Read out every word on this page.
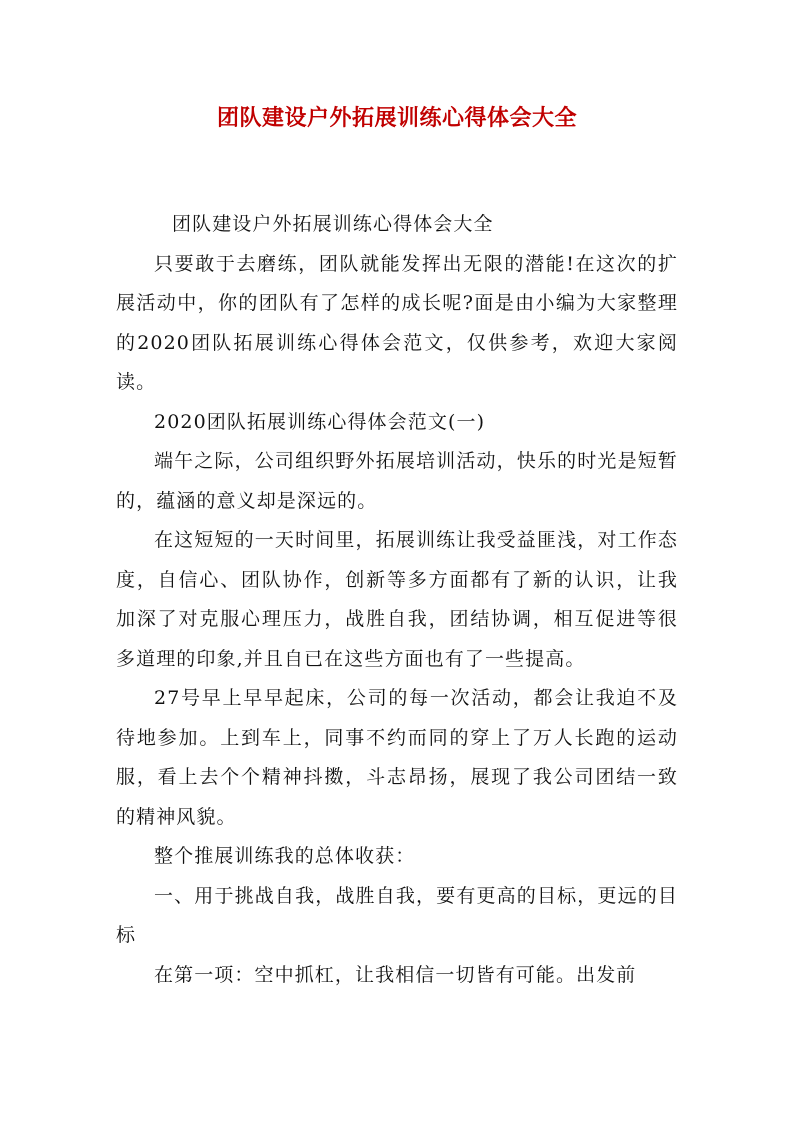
团队建设户外拓展训练心得体会大全

团队建设户外拓展训练心得体会大全

只要敢于去磨练，团队就能发挥出无限的潜能!在这次的扩展活动中，你的团队有了怎样的成长呢?面是由小编为大家整理的2020团队拓展训练心得体会范文，仅供参考，欢迎大家阅读。

2020团队拓展训练心得体会范文(一)

端午之际，公司组织野外拓展培训活动，快乐的时光是短暂的，蕴涵的意义却是深远的。

在这短短的一天时间里，拓展训练让我受益匪浅，对工作态度，自信心、团队协作，创新等多方面都有了新的认识，让我加深了对克服心理压力，战胜自我，团结协调，相互促进等很多道理的印象,并且自已在这些方面也有了一些提高。

27号早上早早起床，公司的每一次活动，都会让我迫不及待地参加。上到车上，同事不约而同的穿上了万人长跑的运动服，看上去个个精神抖擞，斗志昂扬，展现了我公司团结一致的精神风貌。

整个推展训练我的总体收获：

一、用于挑战自我，战胜自我，要有更高的目标，更远的目标

在第一项：空中抓杠，让我相信一切皆有可能。出发前
